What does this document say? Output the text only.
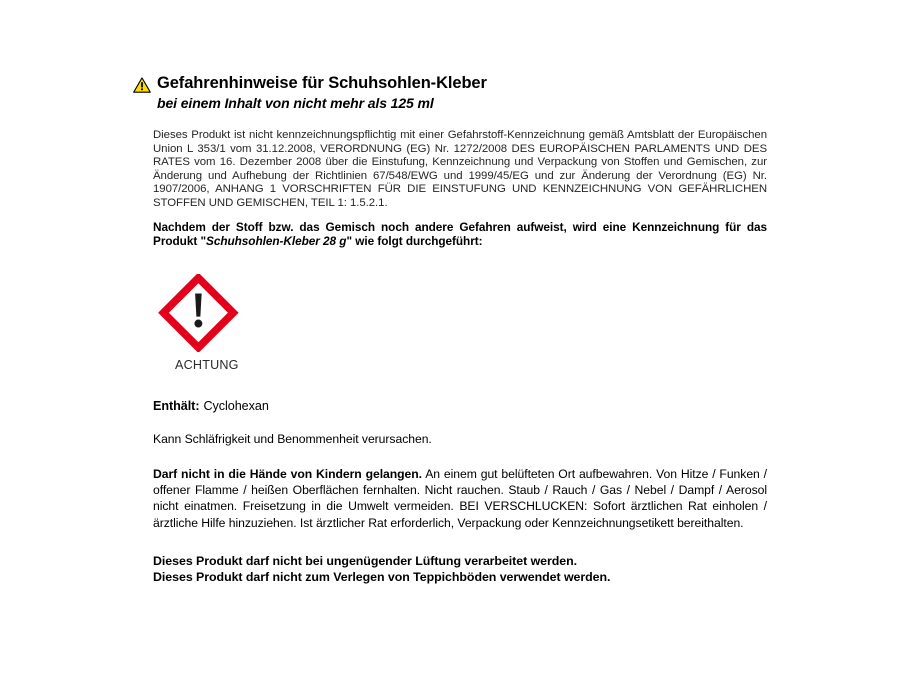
Gefahrenhinweise für Schuhsohlen-Kleber
bei einem Inhalt von nicht mehr als 125 ml
Dieses Produkt ist nicht kennzeichnungspflichtig mit einer Gefahrstoff-Kennzeichnung gemäß Amtsblatt der Europäischen Union L 353/1 vom 31.12.2008, VERORDNUNG (EG) Nr. 1272/2008 DES EUROPÄISCHEN PARLAMENTS UND DES RATES vom 16. Dezember 2008 über die Einstufung, Kennzeichnung und Verpackung von Stoffen und Gemischen, zur Änderung und Aufhebung der Richtlinien 67/548/EWG und 1999/45/EG und zur Änderung der Verordnung (EG) Nr. 1907/2006, ANHANG 1 VORSCHRIFTEN FÜR DIE EINSTUFUNG UND KENNZEICHNUNG VON GEFÄHRLICHEN STOFFEN UND GEMISCHEN, TEIL 1: 1.5.2.1.
Nachdem der Stoff bzw. das Gemisch noch andere Gefahren aufweist, wird eine Kennzeichnung für das Produkt "Schuhsohlen-Kleber 28 g" wie folgt durchgeführt:
ACHTUNG
Enthält: Cyclohexan
Kann Schläfrigkeit und Benommenheit verursachen.
Darf nicht in die Hände von Kindern gelangen. An einem gut belüfteten Ort aufbewahren. Von Hitze / Funken / offener Flamme / heißen Oberflächen fernhalten. Nicht rauchen. Staub / Rauch / Gas / Nebel / Dampf / Aerosol nicht einatmen. Freisetzung in die Umwelt vermeiden. BEI VERSCHLUCKEN: Sofort ärztlichen Rat einholen / ärztliche Hilfe hinzuziehen. Ist ärztlicher Rat erforderlich, Verpackung oder Kennzeichnungsetikett bereithalten.
Dieses Produkt darf nicht bei ungenügender Lüftung verarbeitet werden.
Dieses Produkt darf nicht zum Verlegen von Teppichböden verwendet werden.
